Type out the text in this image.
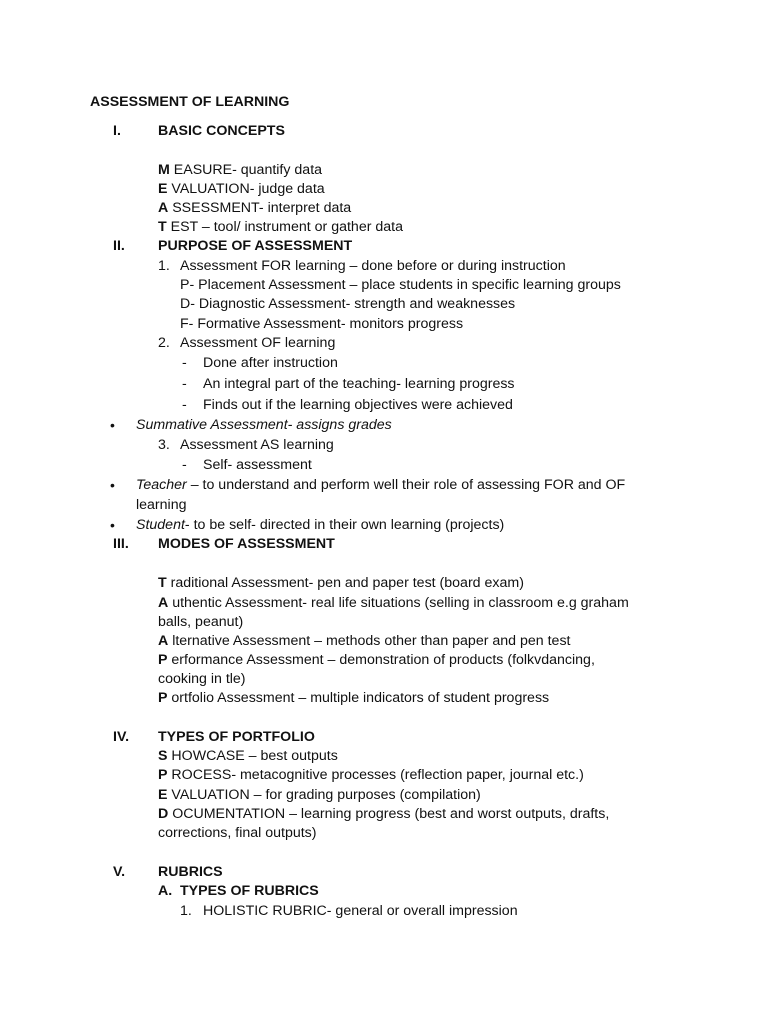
ASSESSMENT OF LEARNING
I.	BASIC CONCEPTS
M EASURE- quantify data
E VALUATION- judge data
A SSESSMENT- interpret data
T EST – tool/ instrument or gather data
II. PURPOSE OF ASSESSMENT
1. Assessment FOR learning – done before or during instruction
P- Placement Assessment – place students in specific learning groups
D- Diagnostic Assessment- strength and weaknesses
F- Formative Assessment- monitors progress
2. Assessment OF learning
- Done after instruction
- An integral part of the teaching- learning progress
- Finds out if the learning objectives were achieved
• Summative Assessment- assigns grades
3. Assessment AS learning
- Self- assessment
• Teacher – to understand and perform well their role of assessing FOR and OF
learning
• Student- to be self- directed in their own learning (projects)
III. MODES OF ASSESSMENT
T raditional Assessment- pen and paper test (board exam)
A uthentic Assessment- real life situations (selling in classroom e.g graham
balls, peanut)
A lternative Assessment – methods other than paper and pen test
P erformance Assessment – demonstration of products (folkvdancing,
cooking in tle)
P ortfolio Assessment – multiple indicators of student progress
IV. TYPES OF PORTFOLIO
S HOWCASE – best outputs
P ROCESS- metacognitive processes (reflection paper, journal etc.)
E VALUATION – for grading purposes (compilation)
D OCUMENTATION – learning progress (best and worst outputs, drafts,
corrections, final outputs)
V. RUBRICS
A. TYPES OF RUBRICS
1. HOLISTIC RUBRIC- general or overall impression
